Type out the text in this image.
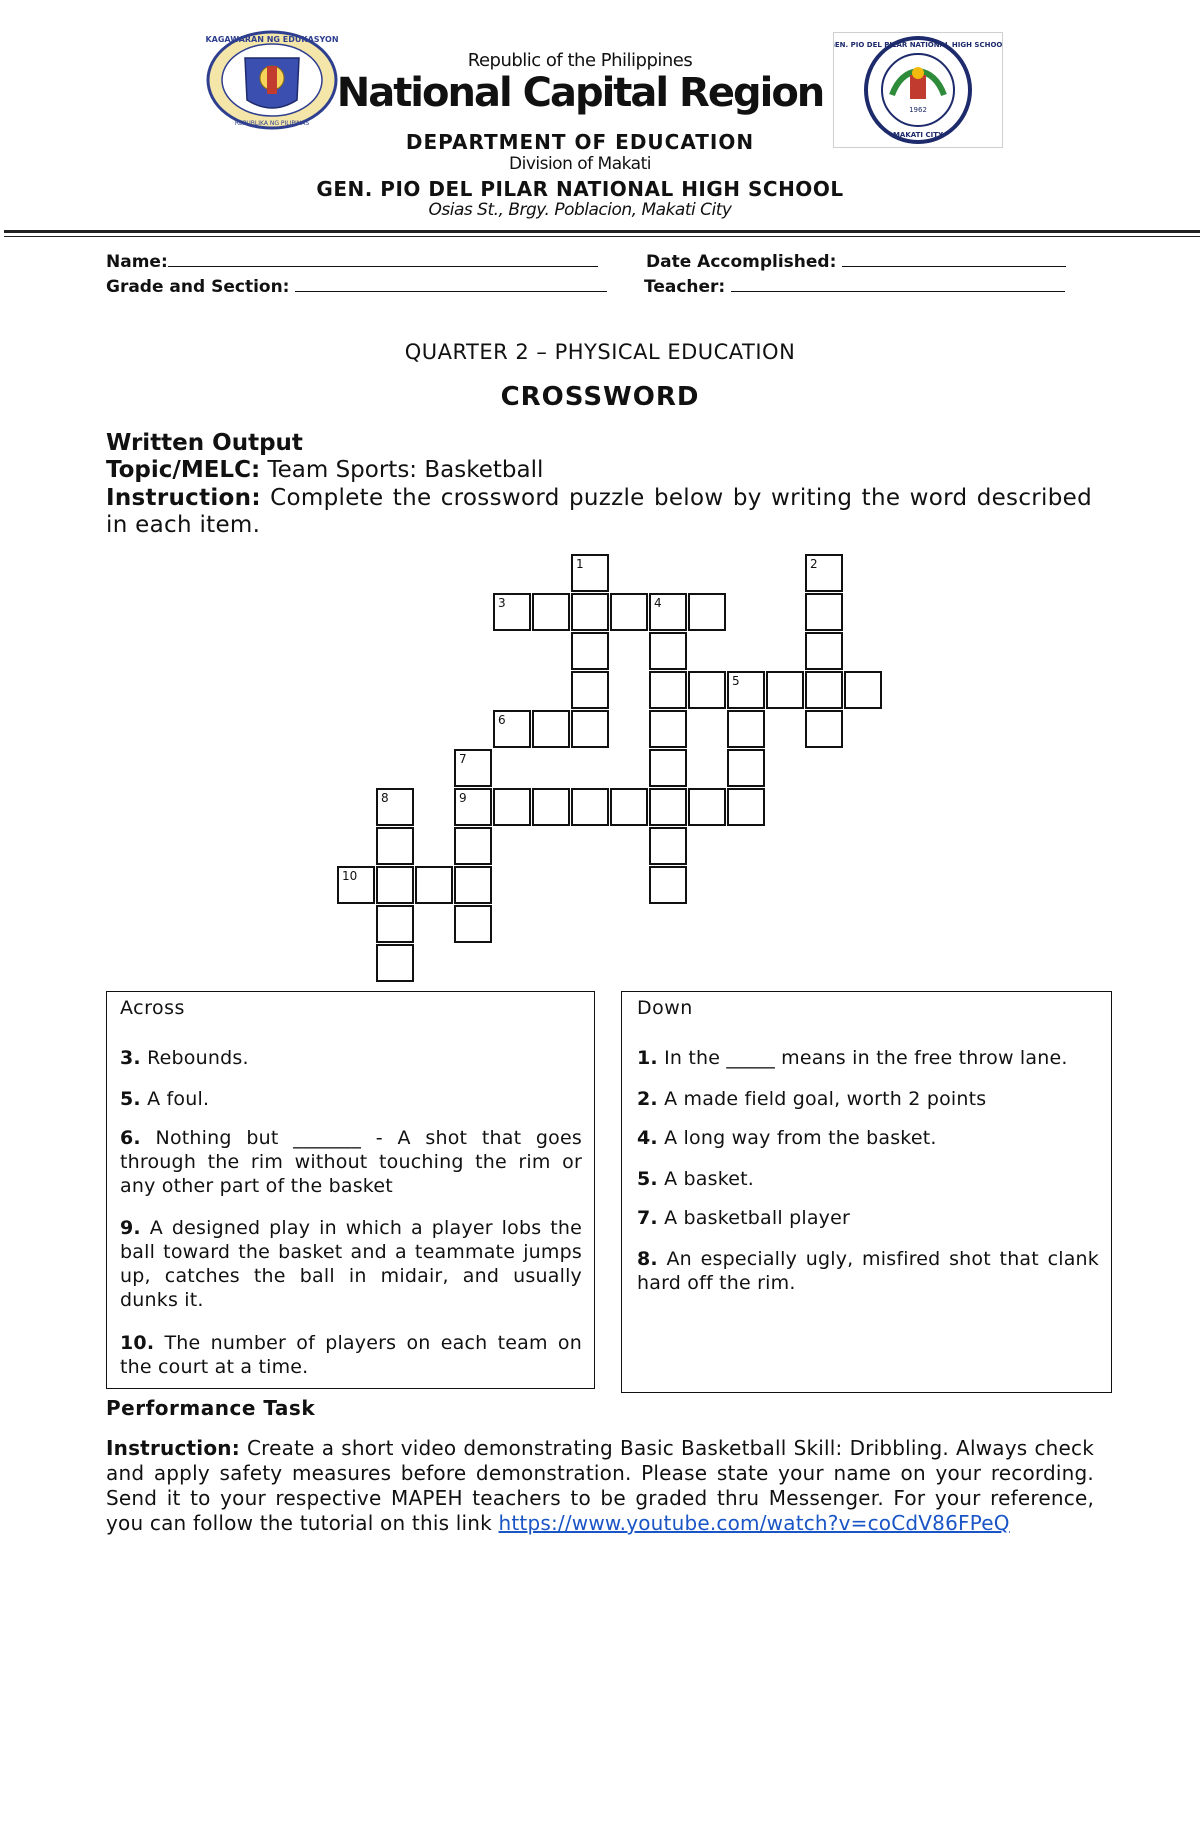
KAGAWARAN NG EDUKASYON
REPUBLIKA NG PILIPINAS
Republic of the Philippines
National Capital Region
DEPARTMENT OF EDUCATION
Division of Makati
GEN. PIO DEL PILAR NATIONAL HIGH SCHOOL
Osias St., Brgy. Poblacion, Makati City
1962
GEN. PIO DEL PILAR NATIONAL HIGH SCHOOL
MAKATI CITY
Name:	Date Accomplished:
Grade and Section:	Teacher:
QUARTER 2 – PHYSICAL EDUCATION
CROSSWORD
Written Output
Topic/MELC: Team Sports: Basketball
Instruction: Complete the crossword puzzle below by writing the word described in each item.
1	2
3	4
5
6
7
8	9
10
Across
3. Rebounds.
5. A foul.
6. Nothing but _______ - A shot that goes through the rim without touching the rim or any other part of the basket
9. A designed play in which a player lobs the ball toward the basket and a teammate jumps up, catches the ball in midair, and usually dunks it.
10. The number of players on each team on the court at a time.
Down
1. In the _____ means in the free throw lane.
2. A made field goal, worth 2 points
4. A long way from the basket.
5. A basket.
7. A basketball player
8. An especially ugly, misfired shot that clank hard off the rim.
Performance Task
Instruction: Create a short video demonstrating Basic Basketball Skill: Dribbling. Always check and apply safety measures before demonstration. Please state your name on your recording. Send it to your respective MAPEH teachers to be graded thru Messenger. For your reference, you can follow the tutorial on this link https://www.youtube.com/watch?v=coCdV86FPeQ
